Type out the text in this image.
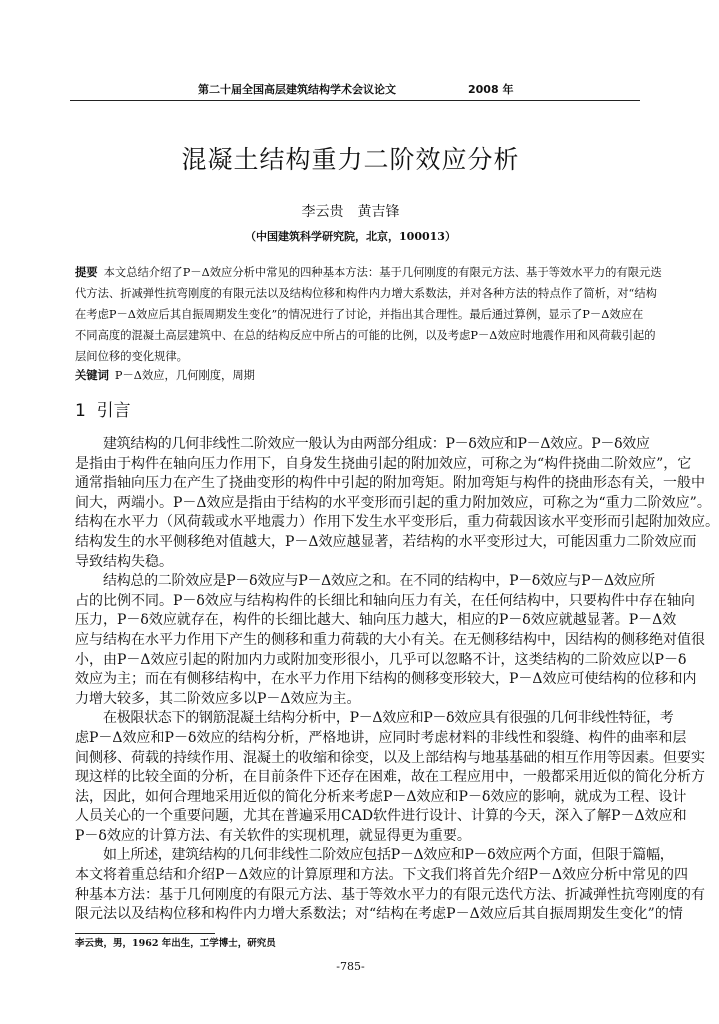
第二十届全国高层建筑结构学术会议论文	2008 年
混凝土结构重力二阶效应分析
李云贵　黄吉锋
（中国建筑科学研究院，北京，100013）
提要 本文总结介绍了P－Δ效应分析中常见的四种基本方法：基于几何刚度的有限元方法、基于等效水平力的有限元迭
代方法、折减弹性抗弯刚度的有限元法以及结构位移和构件内力增大系数法，并对各种方法的特点作了简析，对“结构
在考虑P－Δ效应后其自振周期发生变化”的情况进行了讨论，并指出其合理性。最后通过算例，显示了P－Δ效应在
不同高度的混凝土高层建筑中、在总的结构反应中所占的可能的比例，以及考虑P－Δ效应时地震作用和风荷载引起的
层间位移的变化规律。
关键词 P－Δ效应，几何刚度，周期
1 引言
建筑结构的几何非线性二阶效应一般认为由两部分组成：P－δ效应和P－Δ效应。P－δ效应
是指由于构件在轴向压力作用下，自身发生挠曲引起的附加效应，可称之为“构件挠曲二阶效应”，它
通常指轴向压力在产生了挠曲变形的构件中引起的附加弯矩。附加弯矩与构件的挠曲形态有关，一般中
间大，两端小。P－Δ效应是指由于结构的水平变形而引起的重力附加效应，可称之为“重力二阶效应”。
结构在水平力（风荷载或水平地震力）作用下发生水平变形后，重力荷载因该水平变形而引起附加效应。
结构发生的水平侧移绝对值越大，P－Δ效应越显著，若结构的水平变形过大，可能因重力二阶效应而
导致结构失稳。
结构总的二阶效应是P－δ效应与P－Δ效应之和。在不同的结构中，P－δ效应与P－Δ效应所
占的比例不同。P－δ效应与结构构件的长细比和轴向压力有关，在任何结构中，只要构件中存在轴向
压力，P－δ效应就存在，构件的长细比越大、轴向压力越大，相应的P－δ效应就越显著。P－Δ效
应与结构在水平力作用下产生的侧移和重力荷载的大小有关。在无侧移结构中，因结构的侧移绝对值很
小，由P－Δ效应引起的附加内力或附加变形很小，几乎可以忽略不计，这类结构的二阶效应以P－δ
效应为主；而在有侧移结构中，在水平力作用下结构的侧移变形较大，P－Δ效应可使结构的位移和内
力增大较多，其二阶效应多以P－Δ效应为主。
在极限状态下的钢筋混凝土结构分析中，P－Δ效应和P－δ效应具有很强的几何非线性特征，考
虑P－Δ效应和P－δ效应的结构分析，严格地讲，应同时考虑材料的非线性和裂缝、构件的曲率和层
间侧移、荷载的持续作用、混凝土的收缩和徐变，以及上部结构与地基基础的相互作用等因素。但要实
现这样的比较全面的分析，在目前条件下还存在困难，故在工程应用中，一般都采用近似的简化分析方
法，因此，如何合理地采用近似的简化分析来考虑P－Δ效应和P－δ效应的影响，就成为工程、设计
人员关心的一个重要问题，尤其在普遍采用CAD软件进行设计、计算的今天，深入了解P－Δ效应和
P－δ效应的计算方法、有关软件的实现机理，就显得更为重要。
如上所述，建筑结构的几何非线性二阶效应包括P－Δ效应和P－δ效应两个方面，但限于篇幅，
本文将着重总结和介绍P－Δ效应的计算原理和方法。下文我们将首先介绍P－Δ效应分析中常见的四
种基本方法：基于几何刚度的有限元方法、基于等效水平力的有限元迭代方法、折减弹性抗弯刚度的有
限元法以及结构位移和构件内力增大系数法；对“结构在考虑P－Δ效应后其自振周期发生变化”的情
李云贵，男，1962 年出生，工学博士，研究员
-785-
